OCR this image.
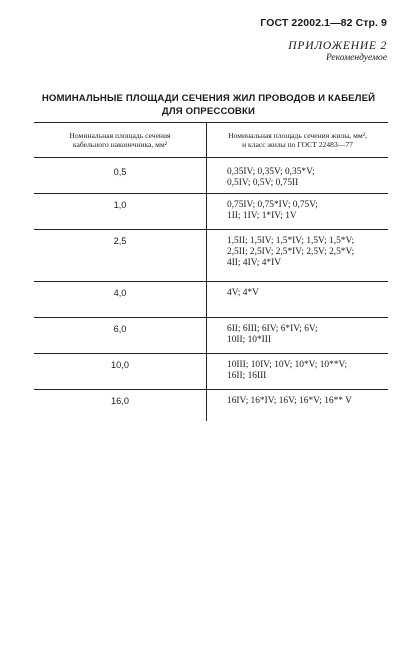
ГОСТ 22002.1—82 Стр. 9
ПРИЛОЖЕНИЕ 2
Рекомендуемое
НОМИНАЛЬНЫЕ ПЛОЩАДИ СЕЧЕНИЯ ЖИЛ ПРОВОДОВ И КАБЕЛЕЙ
ДЛЯ ОПРЕССОВКИ
Номинальная площадь сечения
кабельного наконечника, мм²	Номинальная площадь сечения жилы, мм²,
и класс жилы по ГОСТ 22483—77

0,5	0,35IV; 0,35V; 0,35*V;
0,5IV; 0,5V; 0,75II

1,0	0,75IV; 0,75*IV; 0,75V;
1II; 1IV; 1*IV; 1V

2,5	1,5II; 1,5IV; 1,5*IV; 1,5V; 1,5*V;
2,5II; 2,5IV; 2,5*IV; 2,5V; 2,5*V;
4II; 4IV; 4*IV

4,0	4V; 4*V

6,0	6II; 6III; 6IV; 6*IV; 6V;
10II; 10*III

10,0	10III; 10IV; 10V; 10*V; 10**V;
16II; 16III

16,0	16IV; 16*IV; 16V; 16*V; 16** V
